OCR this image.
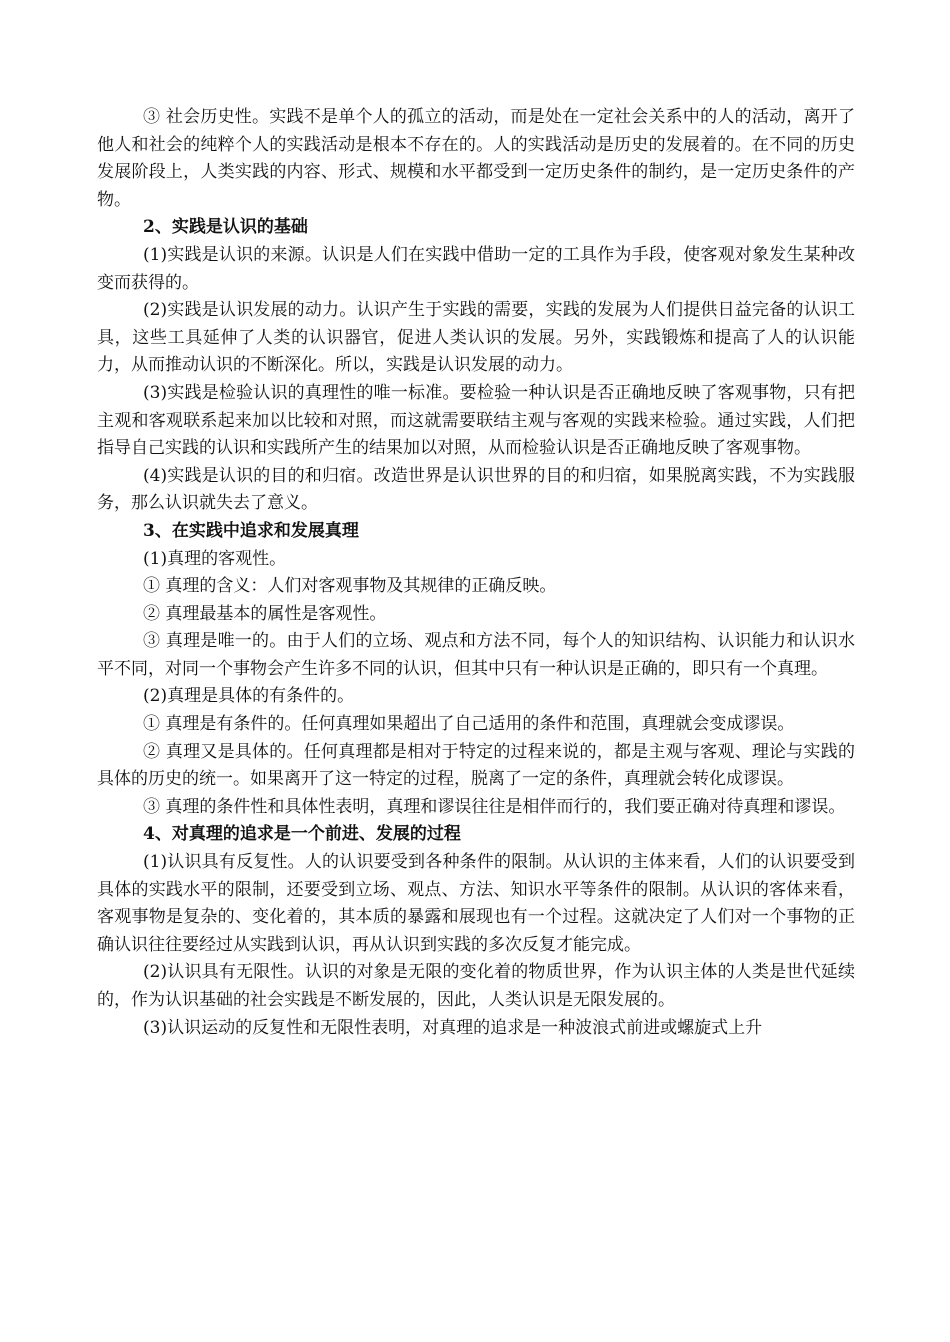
③ 社会历史性。实践不是单个人的孤立的活动，而是处在一定社会关系中的人的活动，离开了他人和社会的纯粹个人的实践活动是根本不存在的。人的实践活动是历史的发展着的。在不同的历史发展阶段上，人类实践的内容、形式、规模和水平都受到一定历史条件的制约，是一定历史条件的产物。

2、实践是认识的基础

(1)实践是认识的来源。认识是人们在实践中借助一定的工具作为手段，使客观对象发生某种改变而获得的。

(2)实践是认识发展的动力。认识产生于实践的需要，实践的发展为人们提供日益完备的认识工具，这些工具延伸了人类的认识器官，促进人类认识的发展。另外，实践锻炼和提高了人的认识能力，从而推动认识的不断深化。所以，实践是认识发展的动力。

(3)实践是检验认识的真理性的唯一标准。要检验一种认识是否正确地反映了客观事物，只有把主观和客观联系起来加以比较和对照，而这就需要联结主观与客观的实践来检验。通过实践，人们把指导自己实践的认识和实践所产生的结果加以对照，从而检验认识是否正确地反映了客观事物。

(4)实践是认识的目的和归宿。改造世界是认识世界的目的和归宿，如果脱离实践，不为实践服务，那么认识就失去了意义。

3、在实践中追求和发展真理

(1)真理的客观性。

① 真理的含义：人们对客观事物及其规律的正确反映。

② 真理最基本的属性是客观性。

③ 真理是唯一的。由于人们的立场、观点和方法不同，每个人的知识结构、认识能力和认识水平不同，对同一个事物会产生许多不同的认识，但其中只有一种认识是正确的，即只有一个真理。

(2)真理是具体的有条件的。

① 真理是有条件的。任何真理如果超出了自己适用的条件和范围，真理就会变成谬误。

② 真理又是具体的。任何真理都是相对于特定的过程来说的，都是主观与客观、理论与实践的具体的历史的统一。如果离开了这一特定的过程，脱离了一定的条件，真理就会转化成谬误。

③ 真理的条件性和具体性表明，真理和谬误往往是相伴而行的，我们要正确对待真理和谬误。

4、对真理的追求是一个前进、发展的过程

(1)认识具有反复性。人的认识要受到各种条件的限制。从认识的主体来看，人们的认识要受到具体的实践水平的限制，还要受到立场、观点、方法、知识水平等条件的限制。从认识的客体来看，客观事物是复杂的、变化着的，其本质的暴露和展现也有一个过程。这就决定了人们对一个事物的正确认识往往要经过从实践到认识，再从认识到实践的多次反复才能完成。

(2)认识具有无限性。认识的对象是无限的变化着的物质世界，作为认识主体的人类是世代延续的，作为认识基础的社会实践是不断发展的，因此，人类认识是无限发展的。

(3)认识运动的反复性和无限性表明，对真理的追求是一种波浪式前进或螺旋式上升
